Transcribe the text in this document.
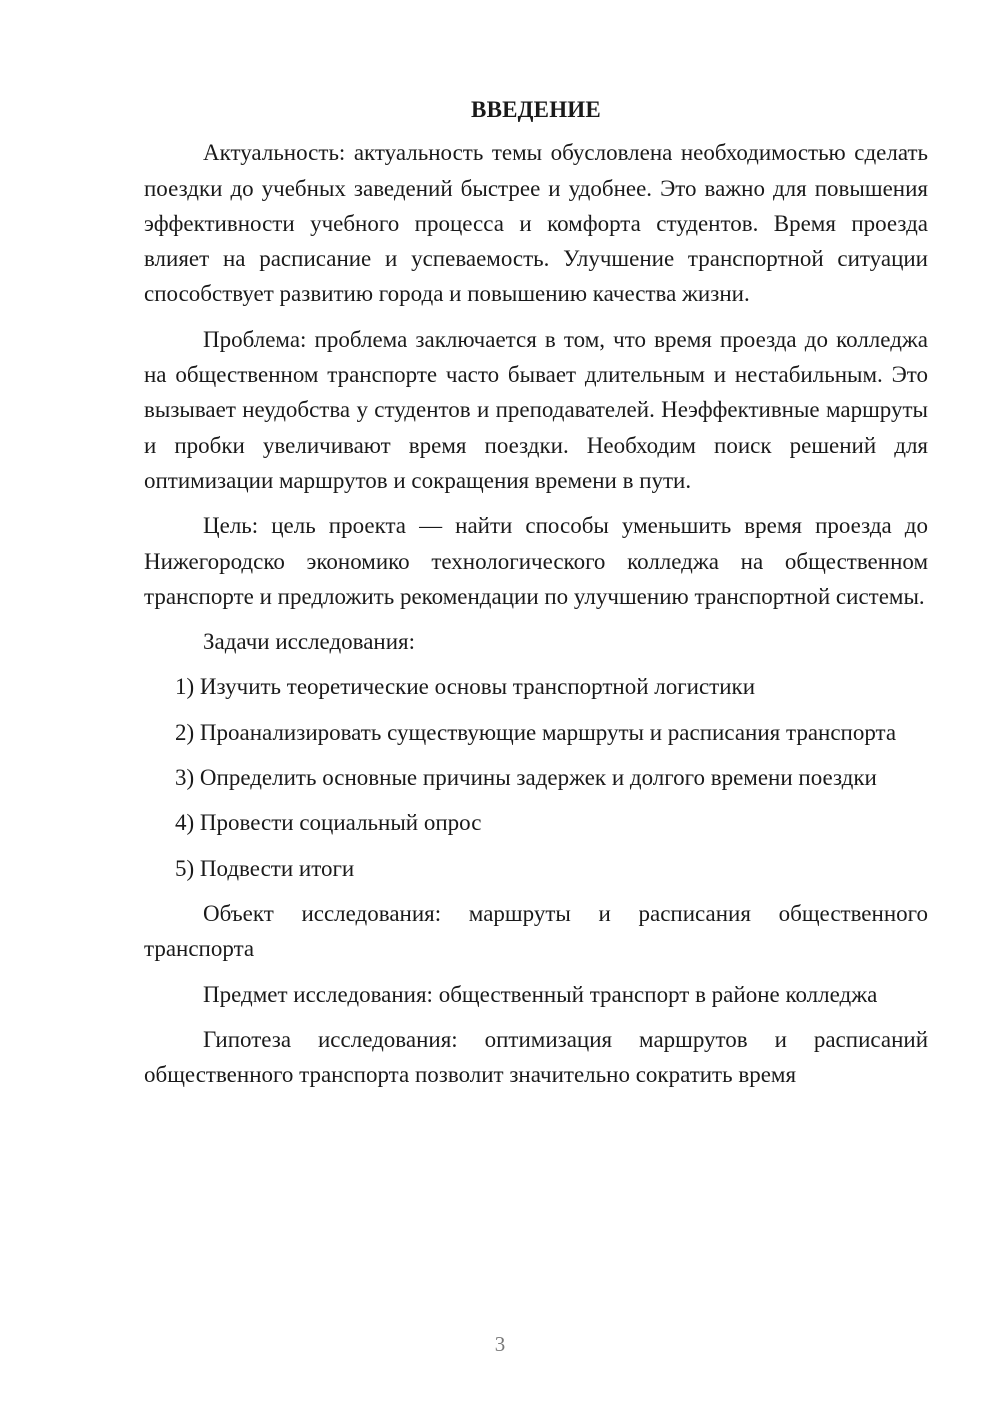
ВВЕДЕНИЕ

Актуальность: актуальность темы обусловлена необходимостью сделать поездки до учебных заведений быстрее и удобнее. Это важно для повышения эффективности учебного процесса и комфорта студентов. Время проезда влияет на расписание и успеваемость. Улучшение транспортной ситуации способствует развитию города и повышению качества жизни.

Проблема: проблема заключается в том, что время проезда до колледжа на общественном транспорте часто бывает длительным и нестабильным. Это вызывает неудобства у студентов и преподавателей. Неэффективные маршруты и пробки увеличивают время поездки. Необходим поиск решений для оптимизации маршрутов и сокращения времени в пути.

Цель: цель проекта — найти способы уменьшить время проезда до Нижегородско экономико технологического колледжа на общественном транспорте и предложить рекомендации по улучшению транспортной системы.

Задачи исследования:

1) Изучить теоретические основы транспортной логистики

2) Проанализировать существующие маршруты и расписания транспорта

3) Определить основные причины задержек и долгого времени поездки

4) Провести социальный опрос

5) Подвести итоги

Объект исследования: маршруты и расписания общественного транспорта

Предмет исследования: общественный транспорт в районе колледжа

Гипотеза исследования: оптимизация маршрутов и расписаний общественного транспорта позволит значительно сократить время

3
